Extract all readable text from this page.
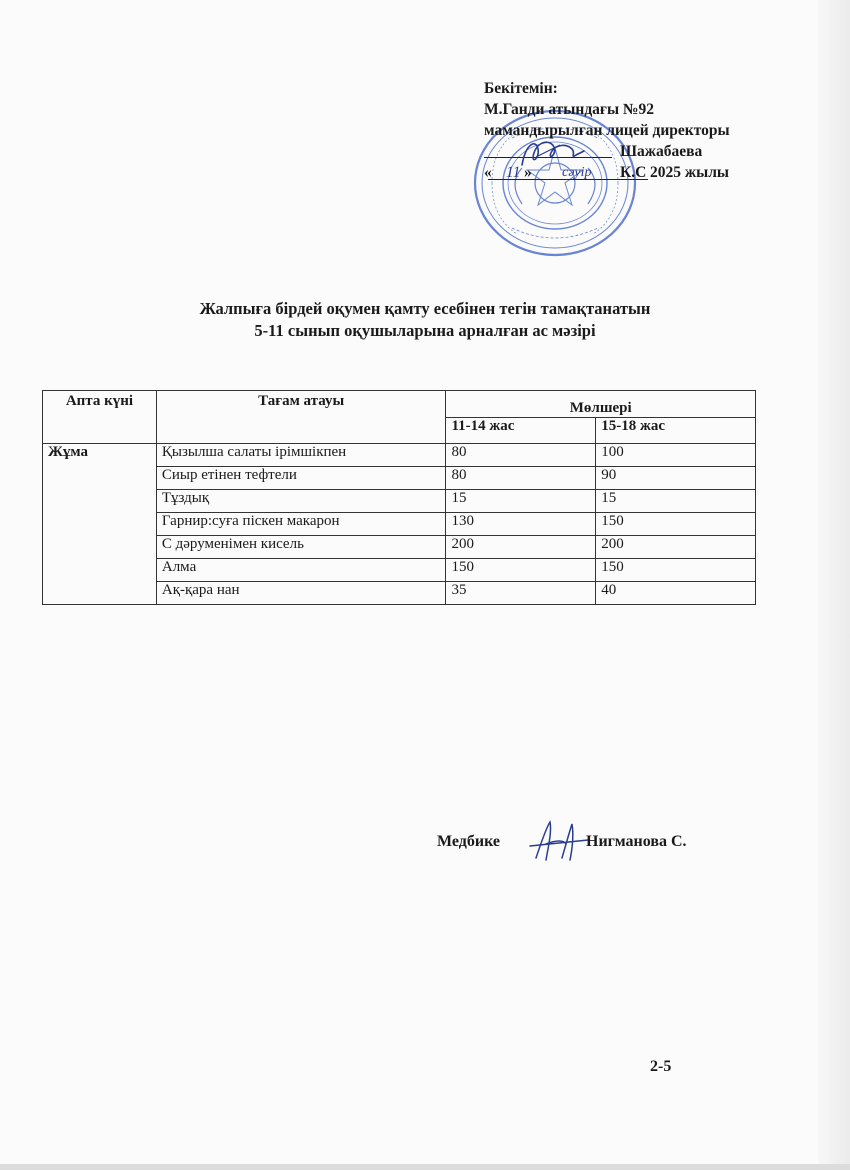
Бекітемін:
М.Ганди атындағы №92
мамандырылған лицей директоры
Шажабаева К.С
« 11 » сәуір	2025 жылы
Жалпыға бірдей оқумен қамту есебінен тегін тамақтанатын
5-11 сынып оқушыларына арналған ас мәзірі
Апта күні	Тағам атауы	Мөлшері	
		11-14 жас	15-18 жас
Жұма	Қызылша салаты ірімшікпен	80	100
	Сиыр етінен тефтели	80	90
	Тұздық	15	15
	Гарнир:суға піскен макарон	130	150
	С дәруменімен кисель	200	200
	Алма	150	150
	Ақ-қара нан	35	40
Медбике	Нигманова С.
2-5
